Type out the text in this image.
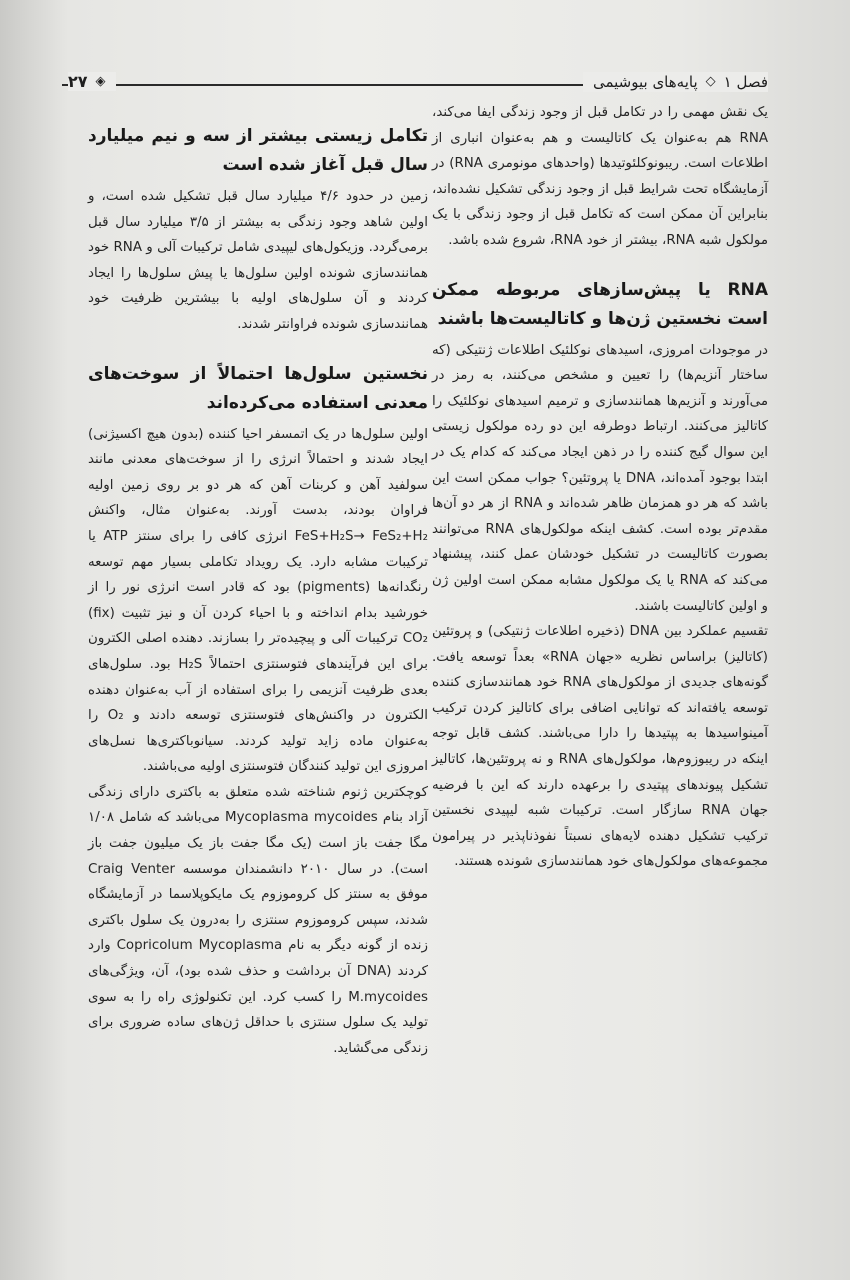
فصل ۱
◇
پایه‌های بیوشیمی
◈
۲۷

یک نقش مهمی را در تکامل قبل از وجود زندگی ایفا می‌کند، RNA هم به‌عنوان یک کاتالیست و هم به‌عنوان انباری از اطلاعات است. ریبونوکلئوتیدها (واحدهای مونومری RNA) در آزمایشگاه تحت شرایط قبل از وجود زندگی تشکیل نشده‌اند، بنابراین آن ممکن است که تکامل قبل از وجود زندگی با یک مولکول شبه RNA، بیشتر از خود RNA، شروع شده باشد.

RNA یا پیش‌سازهای مربوطه ممکن است نخستین ژن‌ها و کاتالیست‌ها باشند

در موجودات امروزی، اسیدهای نوکلئیک اطلاعات ژنتیکی (که ساختار آنزیم‌ها) را تعیین و مشخص می‌کنند، به رمز در می‌آورند و آنزیم‌ها همانندسازی و ترمیم اسیدهای نوکلئیک را کاتالیز می‌کنند. ارتباط دوطرفه این دو رده مولکول زیستی این سوال گیج کننده را در ذهن ایجاد می‌کند که کدام یک در ابتدا بوجود آمده‌اند، DNA یا پروتئین؟ جواب ممکن است این باشد که هر دو همزمان ظاهر شده‌اند و RNA از هر دو آن‌ها مقدم‌تر بوده است. کشف اینکه مولکول‌های RNA می‌توانند بصورت کاتالیست در تشکیل خودشان عمل کنند، پیشنهاد می‌کند که RNA یا یک مولکول مشابه ممکن است اولین ژن و اولین کاتالیست باشند.

تقسیم عملکرد بین DNA (ذخیره اطلاعات ژنتیکی) و پروتئین (کاتالیز) براساس نظریه «جهان RNA» بعداً توسعه یافت. گونه‌های جدیدی از مولکول‌های RNA خود همانندسازی کننده توسعه یافته‌اند که توانایی اضافی برای کاتالیز کردن ترکیب آمینواسیدها به پپتیدها را دارا می‌باشند. کشف قابل توجه اینکه در ریبوزوم‌ها، مولکول‌های RNA و نه پروتئین‌ها، کاتالیز تشکیل پیوندهای پپتیدی را برعهده دارند که این با فرضیه جهان RNA سازگار است. ترکیبات شبه لیپیدی نخستین ترکیب تشکیل دهنده لایه‌های نسبتاً نفوذناپذیر در پیرامون مجموعه‌های مولکول‌های خود همانندسازی شونده هستند.

تکامل زیستی بیشتر از سه و نیم میلیارد سال قبل آغاز شده است

زمین در حدود ۴/۶ میلیارد سال قبل تشکیل شده است، و اولین شاهد وجود زندگی به بیشتر از ۳/۵ میلیارد سال قبل برمی‌گردد. وزیکول‌های لیپیدی شامل ترکیبات آلی و RNA خود همانندسازی شونده اولین سلول‌ها یا پیش سلول‌ها را ایجاد کردند و آن سلول‌های اولیه با بیشترین ظرفیت خود همانندسازی شونده فراوانتر شدند.

نخستین سلول‌ها احتمالاً از سوخت‌های معدنی استفاده می‌کرده‌اند

اولین سلول‌ها در یک اتمسفر احیا کننده (بدون هیچ اکسیژنی) ایجاد شدند و احتمالاً انرژی را از سوخت‌های معدنی مانند سولفید آهن و کربنات آهن که هر دو بر روی زمین اولیه فراوان بودند، بدست آورند. به‌عنوان مثال، واکنش FeS+H₂S→ FeS₂+H₂ انرژی کافی را برای سنتز ATP یا ترکیبات مشابه دارد. یک رویداد تکاملی بسیار مهم توسعه رنگدانه‌ها (pigments) بود که قادر است انرژی نور را از خورشید بدام انداخته و با احیاء کردن آن و نیز تثبیت (fix) CO₂ ترکیبات آلی و پیچیده‌تر را بسازند. دهنده اصلی الکترون برای این فرآیندهای فتوسنتزی احتمالاً H₂S بود. سلول‌های بعدی ظرفیت آنزیمی را برای استفاده از آب به‌عنوان دهنده الکترون در واکنش‌های فتوسنتزی توسعه دادند و O₂ را به‌عنوان ماده زاید تولید کردند. سیانوباکتری‌ها نسل‌های امروزی این تولید کنندگان فتوسنتزی اولیه می‌باشند.

کوچکترین ژنوم شناخته شده متعلق به باکتری دارای زندگی آزاد بنام Mycoplasma mycoides می‌باشد که شامل ۱/۰۸ مگا جفت باز است (یک مگا جفت باز یک میلیون جفت باز است). در سال ۲۰۱۰ دانشمندان موسسه Craig Venter موفق به سنتز کل کروموزوم یک مایکوپلاسما در آزمایشگاه شدند، سپس کروموزوم سنتزی را به‌درون یک سلول باکتری زنده از گونه دیگر به نام Copricolum Mycoplasma وارد کردند (DNA آن برداشت و حذف شده بود)، آن، ویژگی‌های M.mycoides را کسب کرد. این تکنولوژی راه را به سوی تولید یک سلول سنتزی با حداقل ژن‌های ساده ضروری برای زندگی می‌گشاید.
